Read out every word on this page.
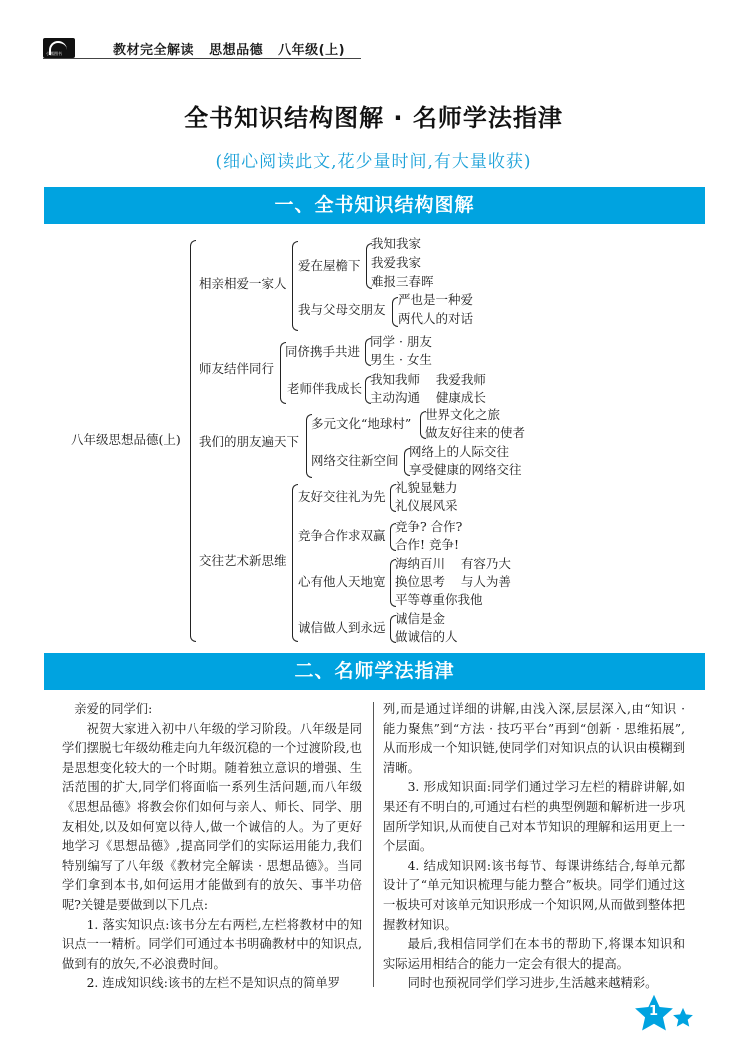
小熊图书	教材完全解读   思想品德   八年级(上)
全书知识结构图解 · 名师学法指津
(细心阅读此文,花少量时间,有大量收获)
一、全书知识结构图解
八年级思想品德(上)
相亲相爱一家人
爱在屋檐下
我知我家
我爱我家
难报三春晖
我与父母交朋友
严也是一种爱
两代人的对话
师友结伴同行
同侪携手共进
同学 · 朋友
男生 · 女生
老师伴我成长
我知我师    我爱我师
主动沟通    健康成长
我们的朋友遍天下
多元文化“地球村”
世界文化之旅
做友好往来的使者
网络交往新空间
网络上的人际交往
享受健康的网络交往
交往艺术新思维
友好交往礼为先
礼貌显魅力
礼仪展风采
竞争合作求双赢
竞争? 合作?
合作! 竞争!
心有他人天地宽
海纳百川    有容乃大
换位思考    与人为善
平等尊重你我他
诚信做人到永远
诚信是金
做诚信的人
二、名师学法指津

亲爱的同学们:

祝贺大家进入初中八年级的学习阶段。八年级是同学们摆脱七年级幼稚走向九年级沉稳的一个过渡阶段,也是思想变化较大的一个时期。随着独立意识的增强、生活范围的扩大,同学们将面临一系列生活问题,而八年级《思想品德》将教会你们如何与亲人、师长、同学、朋友相处,以及如何宽以待人,做一个诚信的人。为了更好地学习《思想品德》,提高同学们的实际运用能力,我们特别编写了八年级《教材完全解读 · 思想品德》。当同学们拿到本书,如何运用才能做到有的放矢、事半功倍呢?关键是要做到以下几点:

1. 落实知识点:该书分左右两栏,左栏将教材中的知识点一一精析。同学们可通过本书明确教材中的知识点,做到有的放矢,不必浪费时间。

2. 连成知识线:该书的左栏不是知识点的简单罗

列,而是通过详细的讲解,由浅入深,层层深入,由“知识 · 能力聚焦”到“方法 · 技巧平台”再到“创新 · 思维拓展”,从而形成一个知识链,使同学们对知识点的认识由模糊到清晰。

3. 形成知识面:同学们通过学习左栏的精辟讲解,如果还有不明白的,可通过右栏的典型例题和解析进一步巩固所学知识,从而使自己对本节知识的理解和运用更上一个层面。

4. 结成知识网:该书每节、每课讲练结合,每单元都设计了“单元知识梳理与能力整合”板块。同学们通过这一板块可对该单元知识形成一个知识网,从而做到整体把握教材知识。

最后,我相信同学们在本书的帮助下,将课本知识和实际运用相结合的能力一定会有很大的提高。

同时也预祝同学们学习进步,生活越来越精彩。

1
